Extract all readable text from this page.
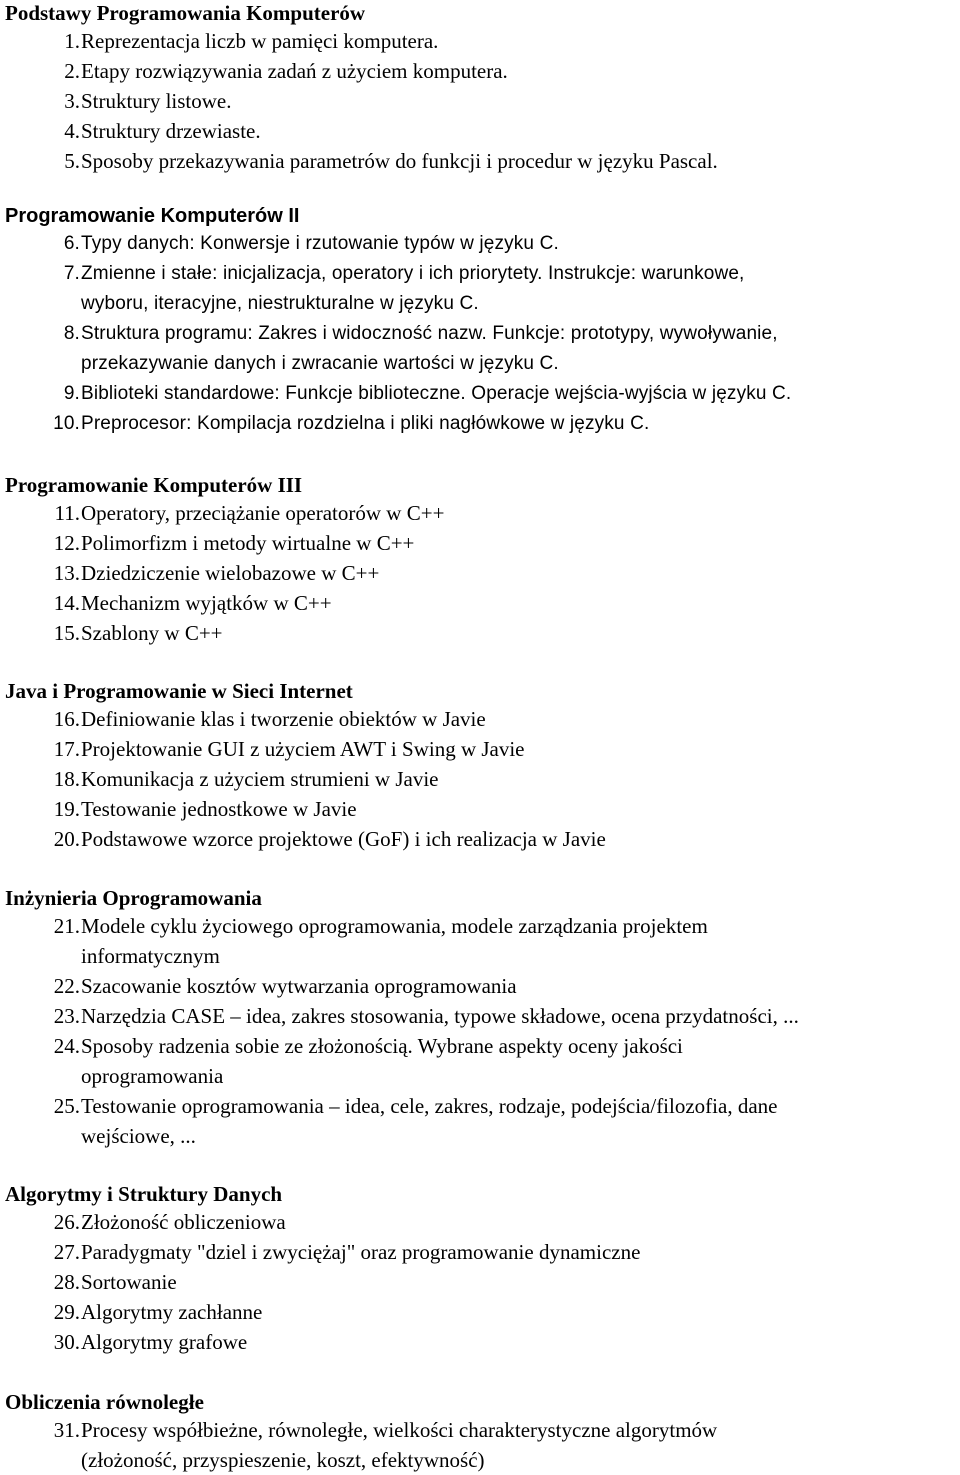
Podstawy Programowania Komputerów
1. Reprezentacja liczb w pamięci komputera.
2. Etapy rozwiązywania zadań z użyciem komputera.
3. Struktury listowe.
4. Struktury drzewiaste.
5. Sposoby przekazywania parametrów do funkcji i procedur w języku Pascal.
Programowanie Komputerów II
6. Typy danych: Konwersje i rzutowanie typów w języku C.
7. Zmienne i stałe: inicjalizacja, operatory i ich priorytety. Instrukcje: warunkowe,
wyboru, iteracyjne, niestrukturalne w języku C.
8. Struktura programu: Zakres i widoczność nazw. Funkcje: prototypy, wywoływanie,
przekazywanie danych i zwracanie wartości w języku C.
9. Biblioteki standardowe: Funkcje biblioteczne. Operacje wejścia-wyjścia w języku C.
10. Preprocesor: Kompilacja rozdzielna i pliki nagłówkowe w języku C.
Programowanie Komputerów III
11. Operatory, przeciążanie operatorów w C++
12. Polimorfizm i metody wirtualne w C++
13. Dziedziczenie wielobazowe w C++
14. Mechanizm wyjątków w C++
15. Szablony w C++
Java i Programowanie w Sieci Internet
16. Definiowanie klas i tworzenie obiektów w Javie
17. Projektowanie GUI z użyciem AWT i Swing w Javie
18. Komunikacja z użyciem strumieni w Javie
19. Testowanie jednostkowe w Javie
20. Podstawowe wzorce projektowe (GoF) i ich realizacja w Javie
Inżynieria Oprogramowania
21. Modele cyklu życiowego oprogramowania, modele zarządzania projektem
informatycznym
22. Szacowanie kosztów wytwarzania oprogramowania
23. Narzędzia CASE – idea, zakres stosowania, typowe składowe, ocena przydatności, ...
24. Sposoby radzenia sobie ze złożonością. Wybrane aspekty oceny jakości
oprogramowania
25. Testowanie oprogramowania – idea, cele, zakres, rodzaje, podejścia/filozofia, dane
wejściowe, ...
Algorytmy i Struktury Danych
26. Złożoność obliczeniowa
27. Paradygmaty "dziel i zwyciężaj" oraz programowanie dynamiczne
28. Sortowanie
29. Algorytmy zachłanne
30. Algorytmy grafowe
Obliczenia równoległe
31. Procesy współbieżne, równoległe, wielkości charakterystyczne algorytmów
(złożoność, przyspieszenie, koszt, efektywność)
